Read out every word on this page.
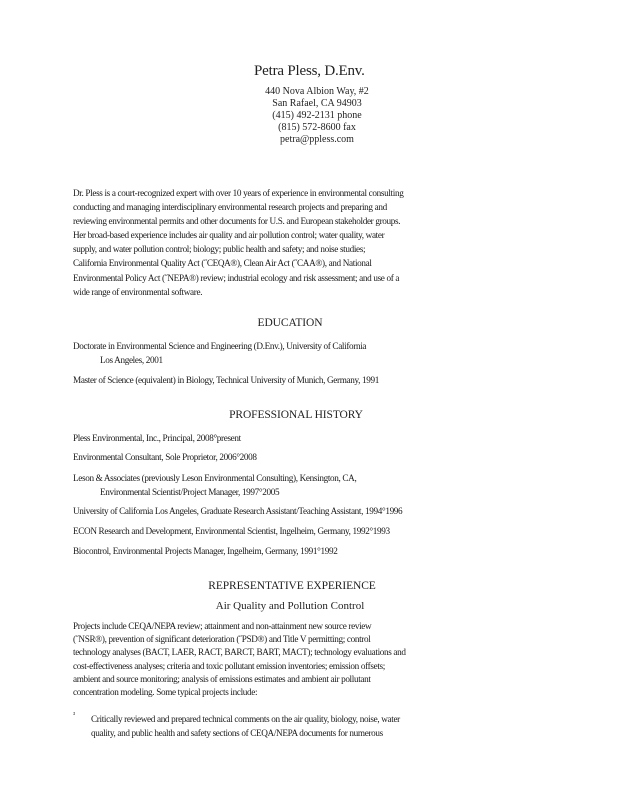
Petra Pless, D.Env.
440 Nova Albion Way, #2
San Rafael, CA 94903
(415) 492-2131 phone
(815) 572-8600 fax
petra@ppless.com
Dr. Pless is a court-recognized expert with over 10 years of experience in environmental consulting
conducting and managing interdisciplinary environmental research projects and preparing and
reviewing environmental permits and other documents for U.S. and European stakeholder groups.
Her broad-based experience includes air quality and air pollution control; water quality, water
supply, and water pollution control; biology; public health and safety; and noise studies;
California Environmental Quality Act (˝CEQA®), Clean Air Act (˝CAA®), and National
Environmental Policy Act (˝NEPA®) review; industrial ecology and risk assessment; and use of a
wide range of environmental software.
EDUCATION
Doctorate in Environmental Science and Engineering (D.Env.), University of California
Los Angeles, 2001
Master of Science (equivalent) in Biology, Technical University of Munich, Germany, 1991
PROFESSIONAL HISTORY
Pless Environmental, Inc., Principal, 2008°present
Environmental Consultant, Sole Proprietor, 2006°2008
Leson & Associates (previously Leson Environmental Consulting), Kensington, CA,
Environmental Scientist/Project Manager, 1997°2005
University of California Los Angeles, Graduate Research Assistant/Teaching Assistant, 1994°1996
ECON Research and Development, Environmental Scientist, Ingelheim, Germany, 1992°1993
Biocontrol, Environmental Projects Manager, Ingelheim, Germany, 1991°1992
REPRESENTATIVE EXPERIENCE
Air Quality and Pollution Control
Projects include CEQA/NEPA review; attainment and non-attainment new source review
(˝NSR®), prevention of significant deterioration (˝PSD®) and Title V permitting; control
technology analyses (BACT, LAER, RACT, BARCT, BART, MACT); technology evaluations and
cost-effectiveness analyses; criteria and toxic pollutant emission inventories; emission offsets;
ambient and source monitoring; analysis of emissions estimates and ambient air pollutant
concentration modeling. Some typical projects include:
³ Critically reviewed and prepared technical comments on the air quality, biology, noise, water
quality, and public health and safety sections of CEQA/NEPA documents for numerous
